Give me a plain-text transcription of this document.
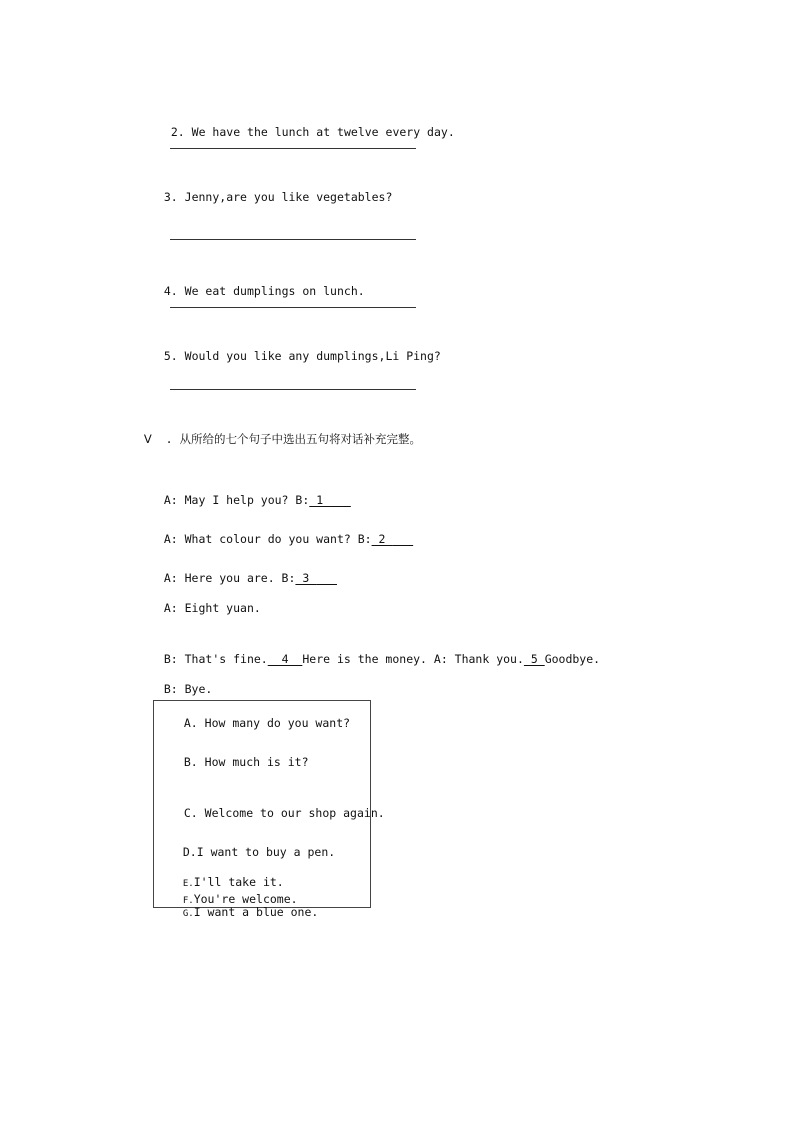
2. We have the lunch at twelve every day.

3. Jenny,are you like vegetables?

4. We eat dumplings on lunch.

5. Would you like any dumplings,Li Ping?

Ⅴ . 从所给的七个句子中选出五句将对话补充完整。

A: May I help you? B: 1

A: What colour do you want? B: 2

A: Here you are. B: 3

A: Eight yuan.

B: That's fine.  4  Here is the money. A: Thank you. 5 Goodbye.

B: Bye.

A. How many do you want?

B. How much is it?

C. Welcome to our shop again.

D.I want to buy a pen.

E.I'll take it.

F.You're welcome.

G.I want a blue one.
